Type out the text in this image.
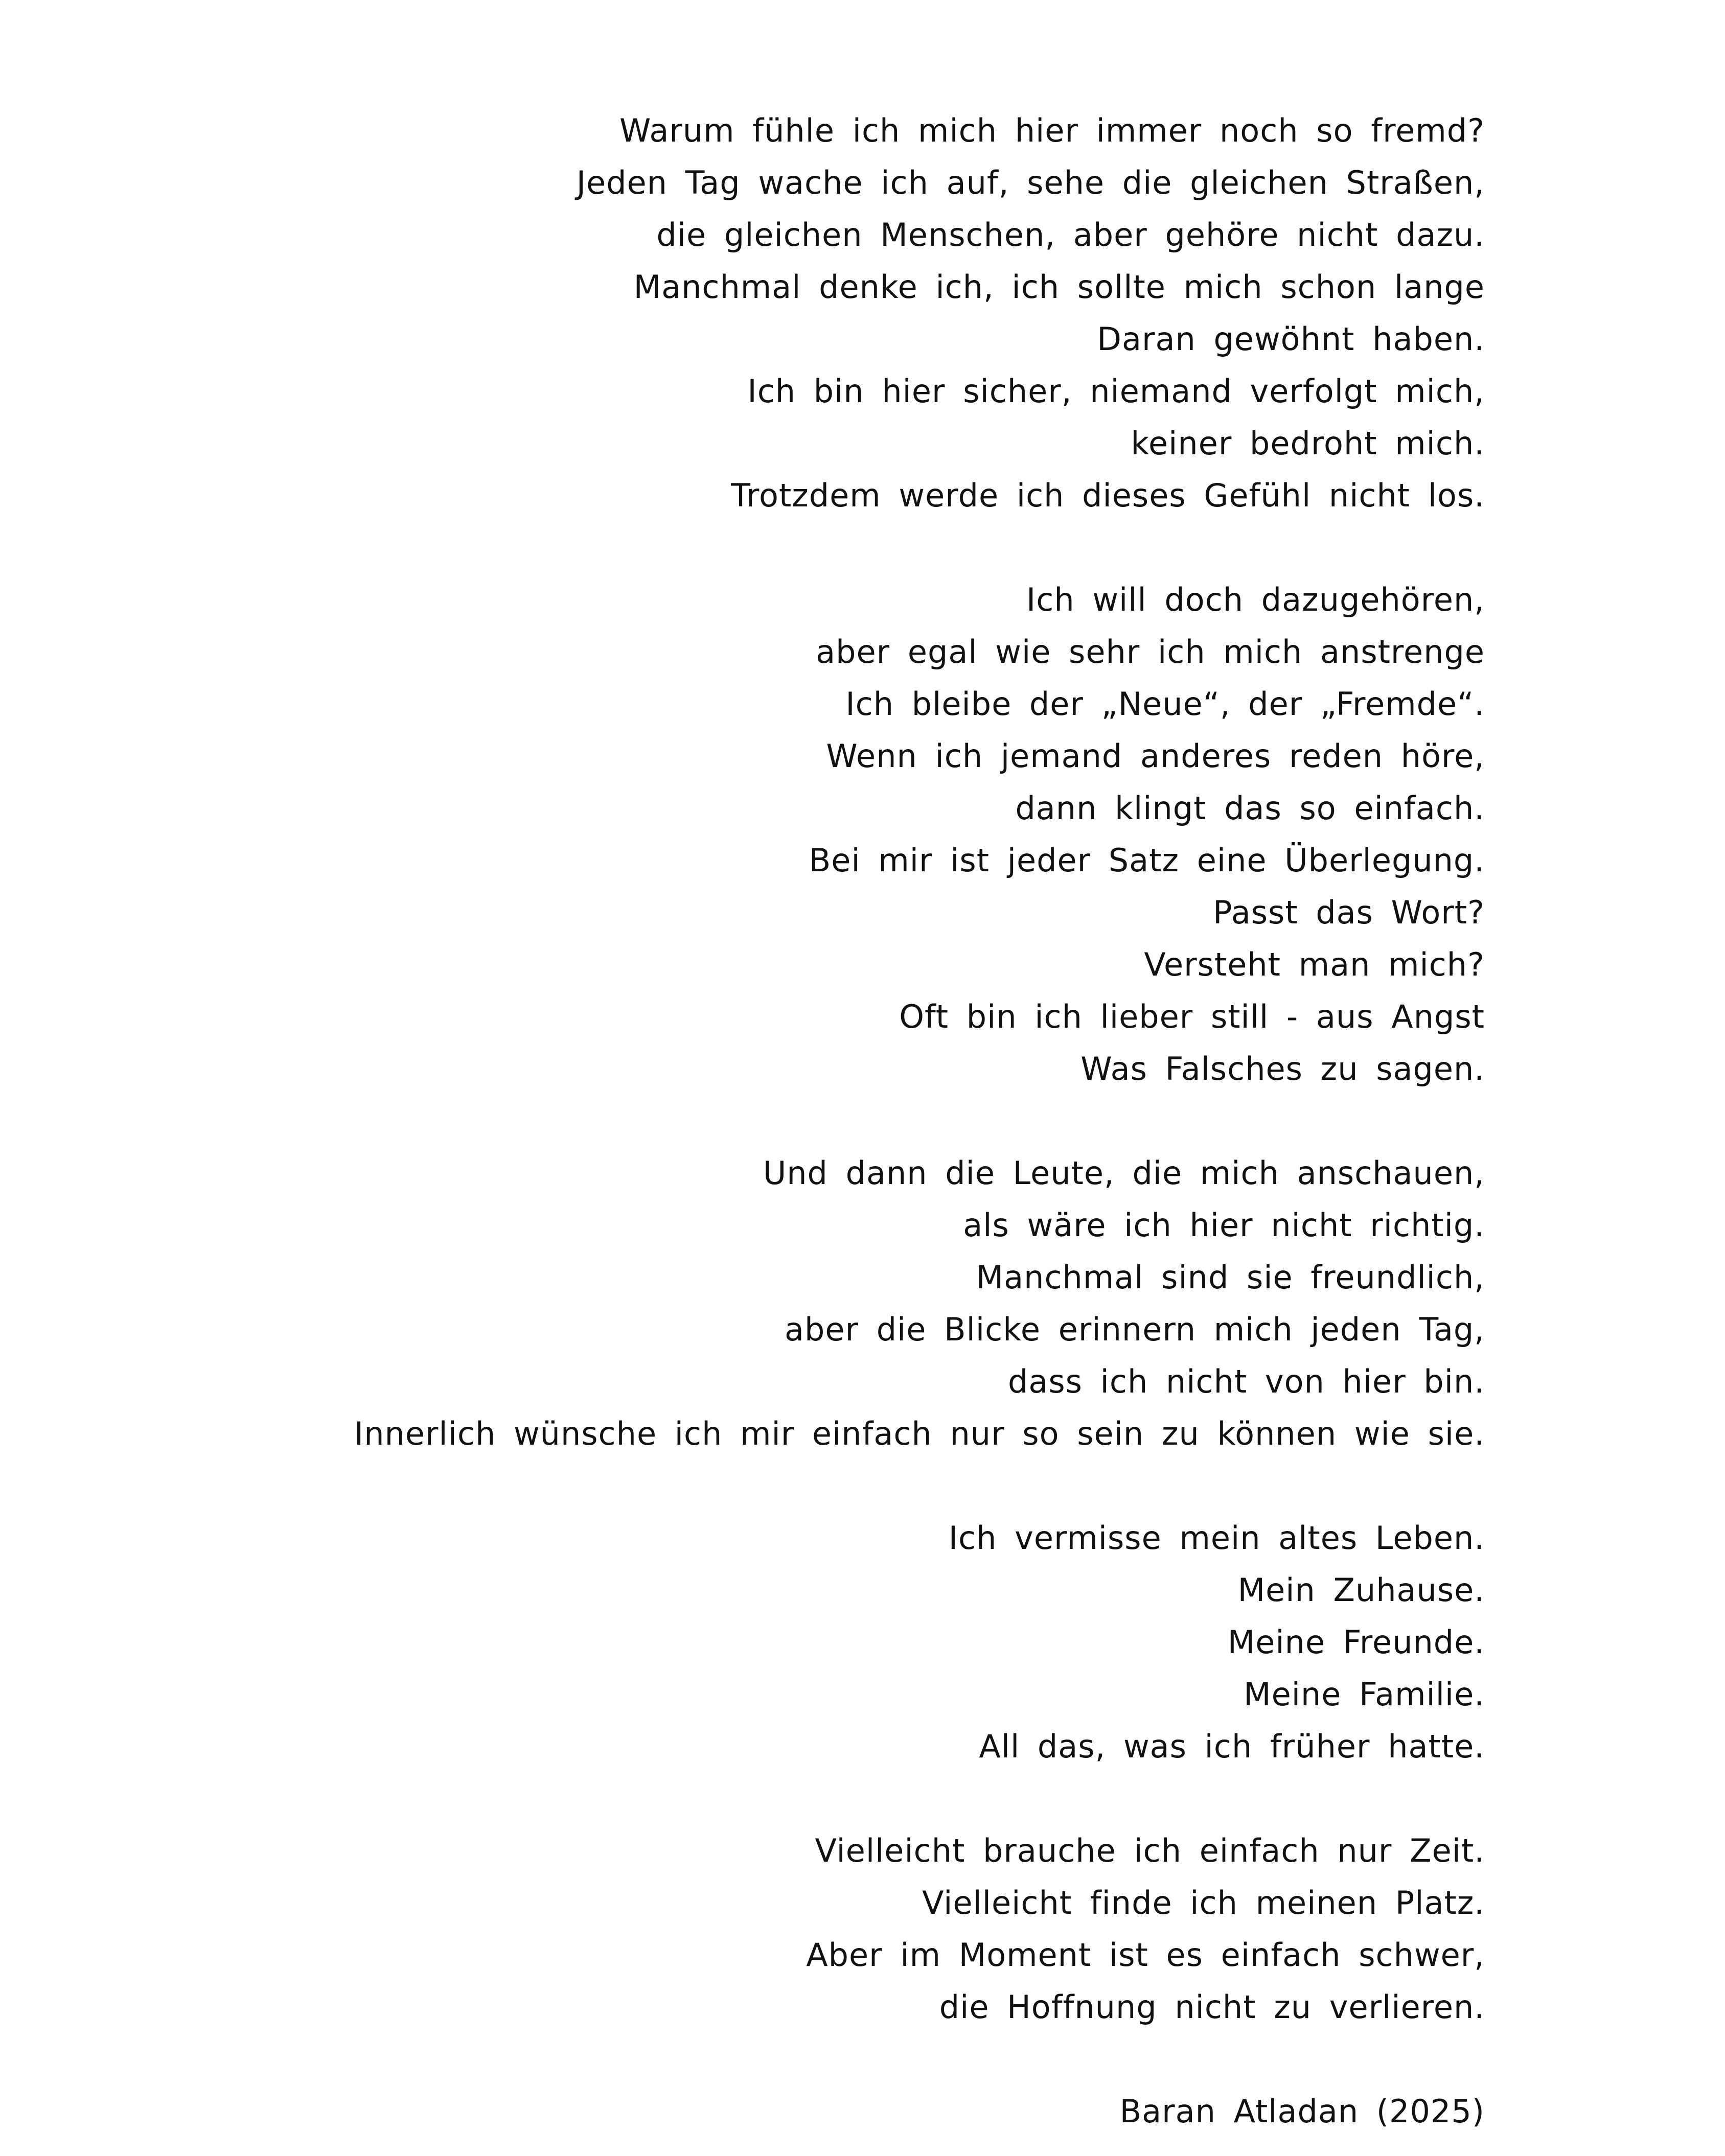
Warum fühle ich mich hier immer noch so fremd?
Jeden Tag wache ich auf, sehe die gleichen Straßen,
die gleichen Menschen, aber gehöre nicht dazu.
Manchmal denke ich, ich sollte mich schon lange
Daran gewöhnt haben.
Ich bin hier sicher, niemand verfolgt mich,
keiner bedroht mich.
Trotzdem werde ich dieses Gefühl nicht los.
Ich will doch dazugehören,
aber egal wie sehr ich mich anstrenge
Ich bleibe der „Neue“, der „Fremde“.
Wenn ich jemand anderes reden höre,
dann klingt das so einfach.
Bei mir ist jeder Satz eine Überlegung.
Passt das Wort?
Versteht man mich?
Oft bin ich lieber still - aus Angst
Was Falsches zu sagen.
Und dann die Leute, die mich anschauen,
als wäre ich hier nicht richtig.
Manchmal sind sie freundlich,
aber die Blicke erinnern mich jeden Tag,
dass ich nicht von hier bin.
Innerlich wünsche ich mir einfach nur so sein zu können wie sie.
Ich vermisse mein altes Leben.
Mein Zuhause.
Meine Freunde.
Meine Familie.
All das, was ich früher hatte.
Vielleicht brauche ich einfach nur Zeit.
Vielleicht finde ich meinen Platz.
Aber im Moment ist es einfach schwer,
die Hoffnung nicht zu verlieren.
Baran Atladan (2025)
